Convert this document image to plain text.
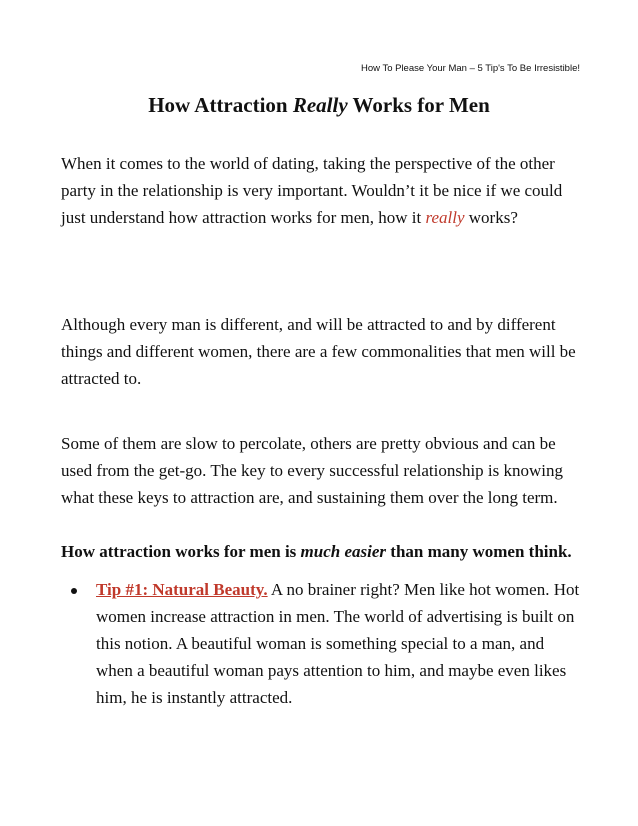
How To Please Your Man – 5 Tip's To Be Irresistible!
How Attraction Really Works for Men

When it comes to the world of dating, taking the perspective of the other party in the relationship is very important. Wouldn’t it be nice if we could just understand how attraction works for men, how it really works?

Although every man is different, and will be attracted to and by different things and different women, there are a few commonalities that men will be attracted to.

Some of them are slow to percolate, others are pretty obvious and can be used from the get-go. The key to every successful relationship is knowing what these keys to attraction are, and sustaining them over the long term.

How attraction works for men is much easier than many women think.

Tip #1: Natural Beauty. A no brainer right? Men like hot women. Hot women increase attraction in men. The world of advertising is built on this notion. A beautiful woman is something special to a man, and when a beautiful woman pays attention to him, and maybe even likes him, he is instantly attracted.
